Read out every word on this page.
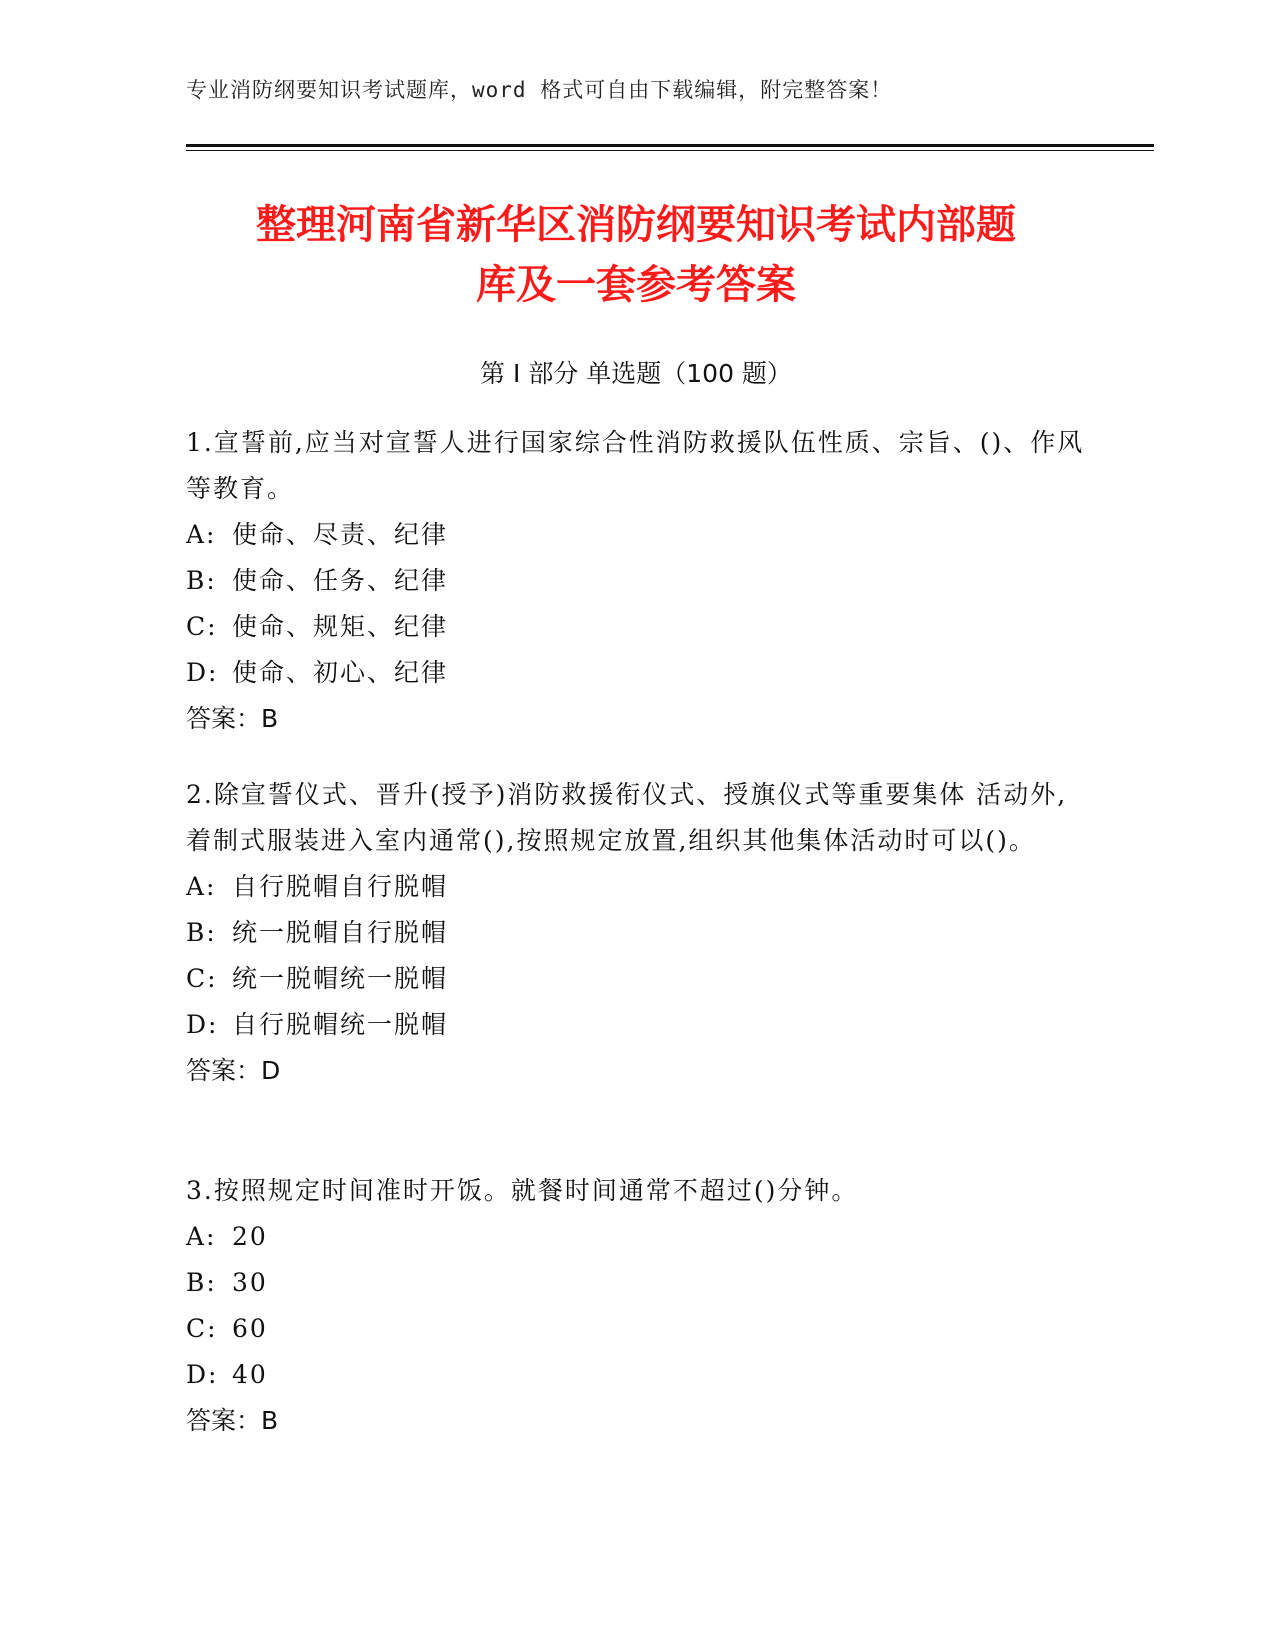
专业消防纲要知识考试题库，word 格式可自由下载编辑，附完整答案！
整理河南省新华区消防纲要知识考试内部题
库及一套参考答案
第 I 部分 单选题（100 题）

1.宣誓前,应当对宣誓人进行国家综合性消防救援队伍性质、宗旨、()、作风等教育。

A: 使命、尽责、纪律

B: 使命、任务、纪律

C: 使命、规矩、纪律

D: 使命、初心、纪律

答案：B

2.除宣誓仪式、晋升(授予)消防救援衔仪式、授旗仪式等重要集体 活动外,着制式服装进入室内通常(),按照规定放置,组织其他集体活动时可以()。

A: 自行脱帽自行脱帽

B: 统一脱帽自行脱帽

C: 统一脱帽统一脱帽

D: 自行脱帽统一脱帽

答案：D

3.按照规定时间准时开饭。就餐时间通常不超过()分钟。

A: 20

B: 30

C: 60

D: 40

答案：B
